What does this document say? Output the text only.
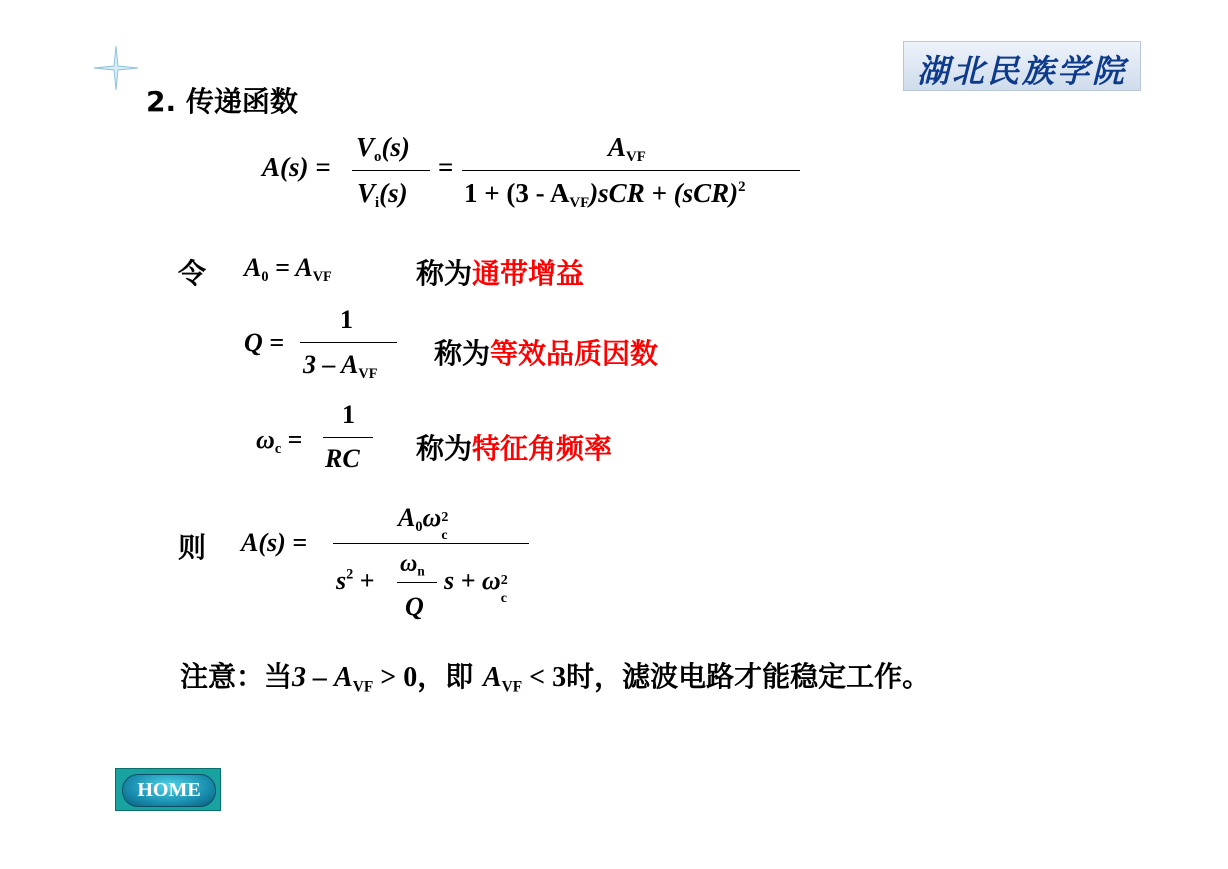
湖北民族学院
2. 传递函数
A(s) =
$V_o(s)$
$V_i(s)$
=
$A_{VF}$
$1 + (3 - A_{VF})sCR + (sCR)^2$
令 $A_0 = A_{VF}$	称为通带增益
Q =
1
$3 - A_{VF}$
称为等效品质因数
$\omega_c$ =
1
RC 称为特征角频率
则 A(s) =
$A_0\omega$ 2
c
$s^2$ +
$\omega_n$
Q
s + ω 2
c
注意：当$3 - A_{VF} > 0$，即 $A_{VF} < 3$时，滤波电路才能稳定工作。
HOME
